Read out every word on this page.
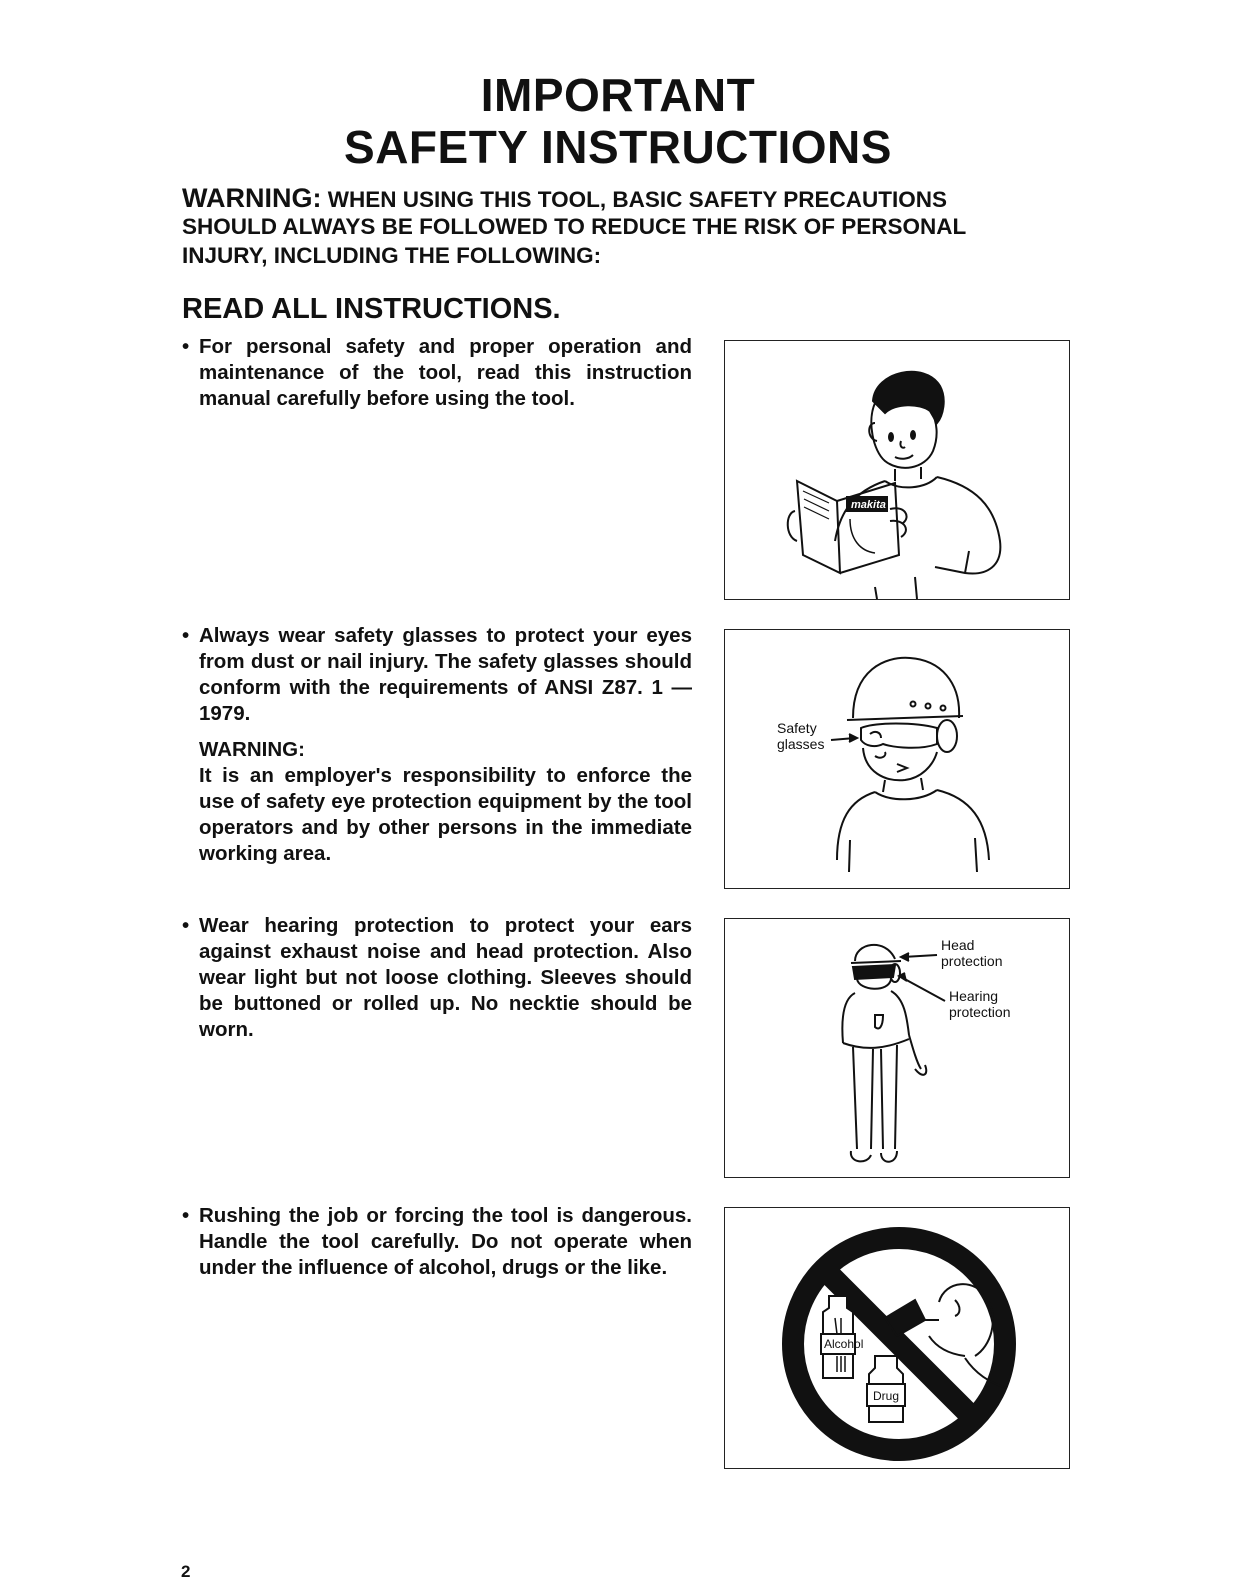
IMPORTANT
SAFETY INSTRUCTIONS
WARNING: WHEN USING THIS TOOL, BASIC SAFETY PRECAUTIONS
SHOULD ALWAYS BE FOLLOWED TO REDUCE THE RISK OF PERSONAL
INJURY, INCLUDING THE FOLLOWING:
READ ALL INSTRUCTIONS.
• For personal safety and proper operation and maintenance of the tool, read this instruction manual carefully before using the tool.
• Always wear safety glasses to protect your eyes from dust or nail injury. The safety glasses should conform with the requirements of ANSI Z87. 1 — 1979.
WARNING:
It is an employer's responsibility to enforce the use of safety eye protection equipment by the tool operators and by other persons in the immediate working area.
• Wear hearing protection to protect your ears against exhaust noise and head protection. Also wear light but not loose clothing. Sleeves should be buttoned or rolled up. No necktie should be worn.
• Rushing the job or forcing the tool is dangerous. Handle the tool carefully. Do not operate when under the influence of alcohol, drugs or the like.
makita
Safety
glasses
Head
protection
Hearing
protection
Alcohol
Drug
2
